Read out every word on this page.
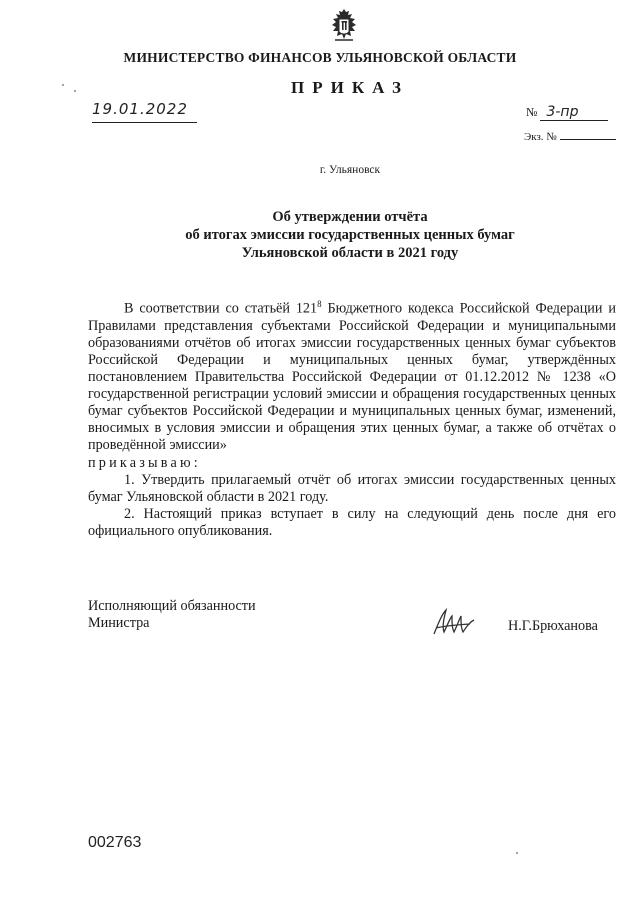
МИНИСТЕРСТВО ФИНАНСОВ УЛЬЯНОВСКОЙ ОБЛАСТИ
ПРИКАЗ
19.01.2022	№ 3-пр
Экз. №
г. Ульяновск
Об утверждении отчёта
об итогах эмиссии государственных ценных бумаг
Ульяновской области в 2021 году

В соответствии со статьёй $121^8$ Бюджетного кодекса Российской Федерации и Правилами представления субъектами Российской Федерации и муниципальными образованиями отчётов об итогах эмиссии государственных ценных бумаг субъектов Российской Федерации и муниципальных ценных бумаг, утверждённых постановлением Правительства Российской Федерации от 01.12.2012 № 1238 «О государственной регистрации условий эмиссии и обращения государственных ценных бумаг субъектов Российской Федерации и муниципальных ценных бумаг, изменений, вносимых в условия эмиссии и обращения этих ценных бумаг, а также об отчётах о проведённой эмиссии»

приказываю:

1. Утвердить прилагаемый отчёт об итогах эмиссии государственных ценных бумаг Ульяновской области в 2021 году.

2. Настоящий приказ вступает в силу на следующий день после дня его официального опубликования.

Исполняющий обязанности
Министра	Н.Г.Брюханова
002763
